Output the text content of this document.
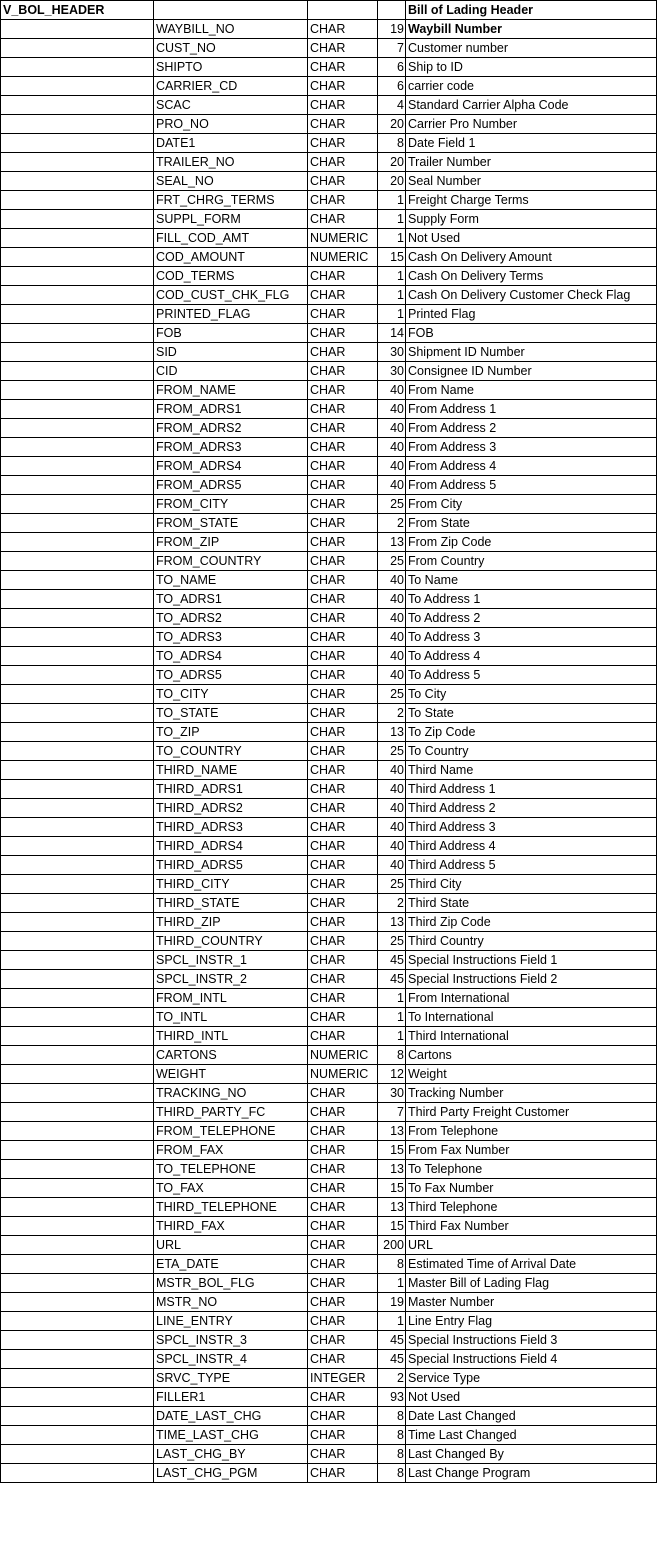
V_BOL_HEADER				Bill of Lading Header
	WAYBILL_NO	CHAR	19	Waybill Number
	CUST_NO	CHAR	7	Customer number
	SHIPTO	CHAR	6	Ship to ID
	CARRIER_CD	CHAR	6	carrier code
	SCAC	CHAR	4	Standard Carrier Alpha Code
	PRO_NO	CHAR	20	Carrier Pro Number
	DATE1	CHAR	8	Date Field 1
	TRAILER_NO	CHAR	20	Trailer Number
	SEAL_NO	CHAR	20	Seal Number
	FRT_CHRG_TERMS	CHAR	1	Freight Charge Terms
	SUPPL_FORM	CHAR	1	Supply Form
	FILL_COD_AMT	NUMERIC	1	Not Used
	COD_AMOUNT	NUMERIC	15	Cash On Delivery Amount
	COD_TERMS	CHAR	1	Cash On Delivery Terms
	COD_CUST_CHK_FLG	CHAR	1	Cash On Delivery Customer Check Flag
	PRINTED_FLAG	CHAR	1	Printed Flag
	FOB	CHAR	14	FOB
	SID	CHAR	30	Shipment ID Number
	CID	CHAR	30	Consignee ID Number
	FROM_NAME	CHAR	40	From Name
	FROM_ADRS1	CHAR	40	From Address 1
	FROM_ADRS2	CHAR	40	From Address 2
	FROM_ADRS3	CHAR	40	From Address 3
	FROM_ADRS4	CHAR	40	From Address 4
	FROM_ADRS5	CHAR	40	From Address 5
	FROM_CITY	CHAR	25	From City
	FROM_STATE	CHAR	2	From State
	FROM_ZIP	CHAR	13	From Zip Code
	FROM_COUNTRY	CHAR	25	From Country
	TO_NAME	CHAR	40	To Name
	TO_ADRS1	CHAR	40	To Address 1
	TO_ADRS2	CHAR	40	To Address 2
	TO_ADRS3	CHAR	40	To Address 3
	TO_ADRS4	CHAR	40	To Address 4
	TO_ADRS5	CHAR	40	To Address 5
	TO_CITY	CHAR	25	To City
	TO_STATE	CHAR	2	To State
	TO_ZIP	CHAR	13	To Zip Code
	TO_COUNTRY	CHAR	25	To Country
	THIRD_NAME	CHAR	40	Third Name
	THIRD_ADRS1	CHAR	40	Third Address 1
	THIRD_ADRS2	CHAR	40	Third Address 2
	THIRD_ADRS3	CHAR	40	Third Address 3
	THIRD_ADRS4	CHAR	40	Third Address 4
	THIRD_ADRS5	CHAR	40	Third Address 5
	THIRD_CITY	CHAR	25	Third City
	THIRD_STATE	CHAR	2	Third State
	THIRD_ZIP	CHAR	13	Third Zip Code
	THIRD_COUNTRY	CHAR	25	Third Country
	SPCL_INSTR_1	CHAR	45	Special Instructions Field 1
	SPCL_INSTR_2	CHAR	45	Special Instructions Field 2
	FROM_INTL	CHAR	1	From International
	TO_INTL	CHAR	1	To International
	THIRD_INTL	CHAR	1	Third International
	CARTONS	NUMERIC	8	Cartons
	WEIGHT	NUMERIC	12	Weight
	TRACKING_NO	CHAR	30	Tracking Number
	THIRD_PARTY_FC	CHAR	7	Third Party Freight Customer
	FROM_TELEPHONE	CHAR	13	From Telephone
	FROM_FAX	CHAR	15	From Fax Number
	TO_TELEPHONE	CHAR	13	To Telephone
	TO_FAX	CHAR	15	To Fax Number
	THIRD_TELEPHONE	CHAR	13	Third Telephone
	THIRD_FAX	CHAR	15	Third Fax Number
	URL	CHAR	200	URL
	ETA_DATE	CHAR	8	Estimated Time of Arrival Date
	MSTR_BOL_FLG	CHAR	1	Master Bill of Lading Flag
	MSTR_NO	CHAR	19	Master Number
	LINE_ENTRY	CHAR	1	Line Entry Flag
	SPCL_INSTR_3	CHAR	45	Special Instructions Field 3
	SPCL_INSTR_4	CHAR	45	Special Instructions Field 4
	SRVC_TYPE	INTEGER	2	Service Type
	FILLER1	CHAR	93	Not Used
	DATE_LAST_CHG	CHAR	8	Date Last Changed
	TIME_LAST_CHG	CHAR	8	Time Last Changed
	LAST_CHG_BY	CHAR	8	Last Changed By
	LAST_CHG_PGM	CHAR	8	Last Change Program
